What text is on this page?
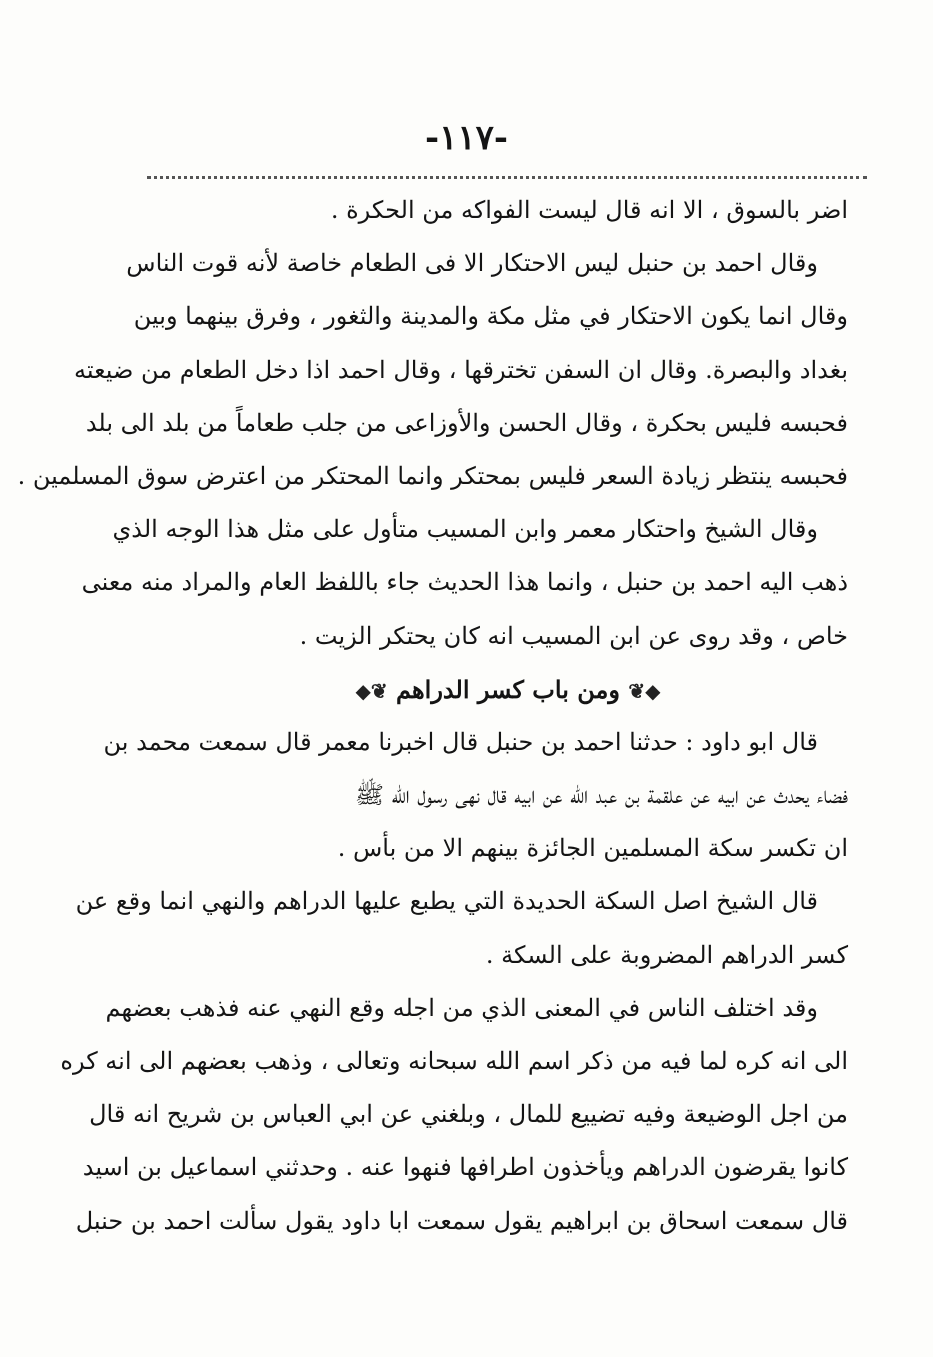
-١١٧-
اضر بالسوق ، الا انه قال ليست الفواكه من الحكرة .
وقال احمد بن حنبل ليس الاحتكار الا فى الطعام خاصة لأنه قوت الناس
وقال انما يكون الاحتكار في مثل مكة والمدينة والثغور ، وفرق بينهما وبين
بغداد والبصرة. وقال ان السفن تخترقها ، وقال احمد اذا دخل الطعام من ضيعته
فحبسه فليس بحكرة ، وقال الحسن والأوزاعى من جلب طعاماً من بلد الى بلد
فحبسه ينتظر زيادة السعر فليس بمحتكر وانما المحتكر من اعترض سوق المسلمين .
وقال الشيخ واحتكار معمر وابن المسيب متأول على مثل هذا الوجه الذي
ذهب اليه احمد بن حنبل ، وانما هذا الحديث جاء باللفظ العام والمراد منه معنى
خاص ، وقد روى عن ابن المسيب انه كان يحتكر الزيت .
◆❦ ومن باب كسر الدراهم ❦◆
قال ابو داود : حدثنا احمد بن حنبل قال اخبرنا معمر قال سمعت محمد بن
فضاء يحدث عن ابيه عن علقمة بن عبد الله عن ابيه قال نهى رسول الله ﷺ
ان تكسر سكة المسلمين الجائزة بينهم الا من بأس .
قال الشيخ اصل السكة الحديدة التي يطبع عليها الدراهم والنهي انما وقع عن
كسر الدراهم المضروبة على السكة .
وقد اختلف الناس في المعنى الذي من اجله وقع النهي عنه فذهب بعضهم
الى انه كره لما فيه من ذكر اسم الله سبحانه وتعالى ، وذهب بعضهم الى انه كره
من اجل الوضيعة وفيه تضييع للمال ، وبلغني عن ابي العباس بن شريح انه قال
كانوا يقرضون الدراهم ويأخذون اطرافها فنهوا عنه . وحدثني اسماعيل بن اسيد
قال سمعت اسحاق بن ابراهيم يقول سمعت ابا داود يقول سألت احمد بن حنبل
